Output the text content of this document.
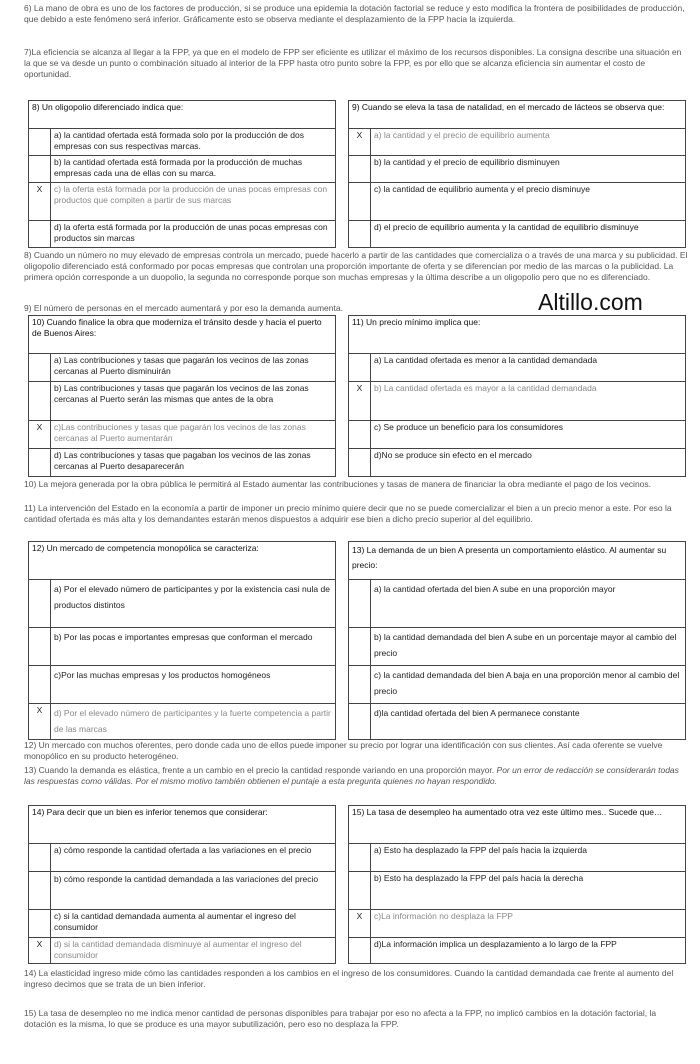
6) La mano de obra es uno de los factores de producción, si se produce una epidemia la dotación factorial se reduce y esto modifica la frontera de posibilidades de producción, que debido a este fenómeno será inferior. Gráficamente esto se observa mediante el desplazamiento de la FPP hacia la izquierda.

7)La eficiencia se alcanza al llegar a la FPP, ya que en el modelo de FPP ser eficiente es utilizar el máximo de los recursos disponibles. La consigna describe una situación en la que se va desde un punto o combinación situado al interior de la FPP hasta otro punto sobre la FPP, es por ello que se alcanza eficiencia sin aumentar el costo de oportunidad.

8) Un oligopolio diferenciado indica que:	
	a) la cantidad ofertada está formada solo por la producción de dos empresas con sus respectivas marcas.
	b) la cantidad ofertada está formada por la producción de muchas empresas cada una de ellas con su marca.
X	c) la oferta está formada por la producción de unas pocas empresas con productos que compiten a partir de sus marcas
	d) la oferta está formada por la producción de unas pocas empresas con productos sin marcas
9) Cuando se eleva la tasa de natalidad, en el mercado de lácteos se observa que:	
X	a) la cantidad y el precio de equilibrio aumenta
	b) la cantidad y el precio de equilibrio disminuyen
	c) la cantidad de equilibrio aumenta y el precio disminuye
	d) el precio de equilibrio aumenta y la cantidad de equilibrio disminuye

8) Cuando un número no muy elevado de empresas controla un mercado, puede hacerlo a partir de las cantidades que comercializa o a través de una marca y su publicidad. El oligopolio diferenciado está conformado por pocas empresas que controlan una proporción importante de oferta y se diferencian por medio de las marcas o la publicidad. La primera opción corresponde a un duopolio, la segunda no corresponde porque son muchas empresas y la última describe a un oligopolio pero que no es diferenciado.

9) El número de personas en el mercado aumentará y por eso la demanda aumenta.	Altillo.com
10) Cuando finalice la obra que moderniza el tránsito desde y hacia el puerto de Buenos Aires:	
	a) Las contribuciones y tasas que pagarán los vecinos de las zonas cercanas al Puerto disminuirán
	b) Las contribuciones y tasas que pagarán los vecinos de las zonas cercanas al Puerto serán las mismas que antes de la obra
X	c)Las contribuciones y tasas que pagarán los vecinos de las zonas cercanas al Puerto aumentarán
	d) Las contribuciones y tasas que pagaban los vecinos de las zonas cercanas al Puerto desaparecerán
11) Un precio mínimo implica que:	
	a) La cantidad ofertada es menor a la cantidad demandada
X	b) La cantidad ofertada es mayor a la cantidad demandada
	c) Se produce un beneficio para los consumidores
	d)No se produce sin efecto en el mercado

10) La mejora generada por la obra pública le permitirá al Estado aumentar las contribuciones y tasas de manera de financiar la obra mediante el pago de los vecinos.

11) La intervención del Estado en la economía a partir de imponer un precio mínimo quiere decir que no se puede comercializar el bien a un precio menor a este. Por eso la cantidad ofertada es más alta y los demandantes estarán menos dispuestos a adquirir ese bien a dicho precio superior al del equilibrio.

12) Un mercado de competencia monopólica se caracteriza:	
	a) Por el elevado número de participantes y por la existencia casi nula de productos distintos
	b) Por las pocas e importantes empresas que conforman el mercado
	c)Por las muchas empresas y los productos homogéneos
X	d) Por el elevado número de participantes y la fuerte competencia a partir de las marcas
13) La demanda de un bien A presenta un comportamiento elástico. Al aumentar su precio:	
	a) la cantidad ofertada del bien A sube en una proporción mayor
	b) la cantidad demandada del bien A sube en un porcentaje mayor al cambio del precio
	c) la cantidad demandada del bien A baja en una proporción menor al cambio del precio
	d)la cantidad ofertada del bien A permanece constante

12) Un mercado con muchos oferentes, pero donde cada uno de ellos puede imponer su precio por lograr una identificación con sus clientes. Así cada oferente se vuelve monopólico en su producto heterogéneo.

13) Cuando la demanda es elástica, frente a un cambio en el precio la cantidad responde variando en una proporción mayor. Por un error de redacción se considerarán todas las respuestas como válidas. Por el mismo motivo también obtienen el puntaje a esta pregunta quienes no hayan respondido.

14) Para decir que un bien es inferior tenemos que considerar:	
	a) cómo responde la cantidad ofertada a las variaciones en el precio
	b) cómo responde la cantidad demandada a las variaciones del precio
	c) si la cantidad demandada aumenta al aumentar el ingreso del consumidor
X	d) si la cantidad demandada disminuye al aumentar el ingreso del consumidor
15) La tasa de desempleo ha aumentado otra vez este último mes.. Sucede que…	
	a) Esto ha desplazado la FPP del país hacia la izquierda
	b) Esto ha desplazado la FPP del país hacia la derecha
X	c)La información no desplaza la FPP
	d)La información implica un desplazamiento a lo largo de la FPP

14) La elasticidad ingreso mide cómo las cantidades responden a los cambios en el ingreso de los consumidores. Cuando la cantidad demandada cae frente al aumento del ingreso decimos que se trata de un bien inferior.

15) La tasa de desempleo no me indica menor cantidad de personas disponibles para trabajar por eso no afecta a la FPP, no implicó cambios en la dotación factorial, la dotación es la misma, lo que se produce es una mayor subutilización, pero eso no desplaza la FPP.
